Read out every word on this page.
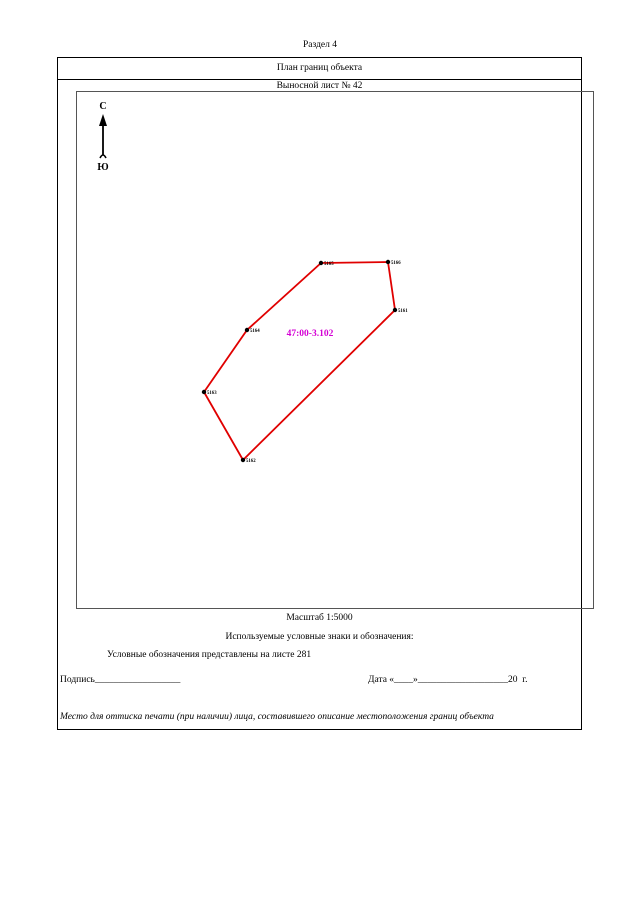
Раздел 4
План границ объекта
Выносной лист № 42
С
Ю
5165	5166
5161
5162
5163
5164	47:00-3.102
Масштаб 1:5000
Используемые условные знаки и обозначения:
Условные обозначения представлены на листе 281
Подпись__________________	Дата «____»___________________20  г.
Место для оттиска печати (при наличии) лица, составившего описание местоположения границ объекта
